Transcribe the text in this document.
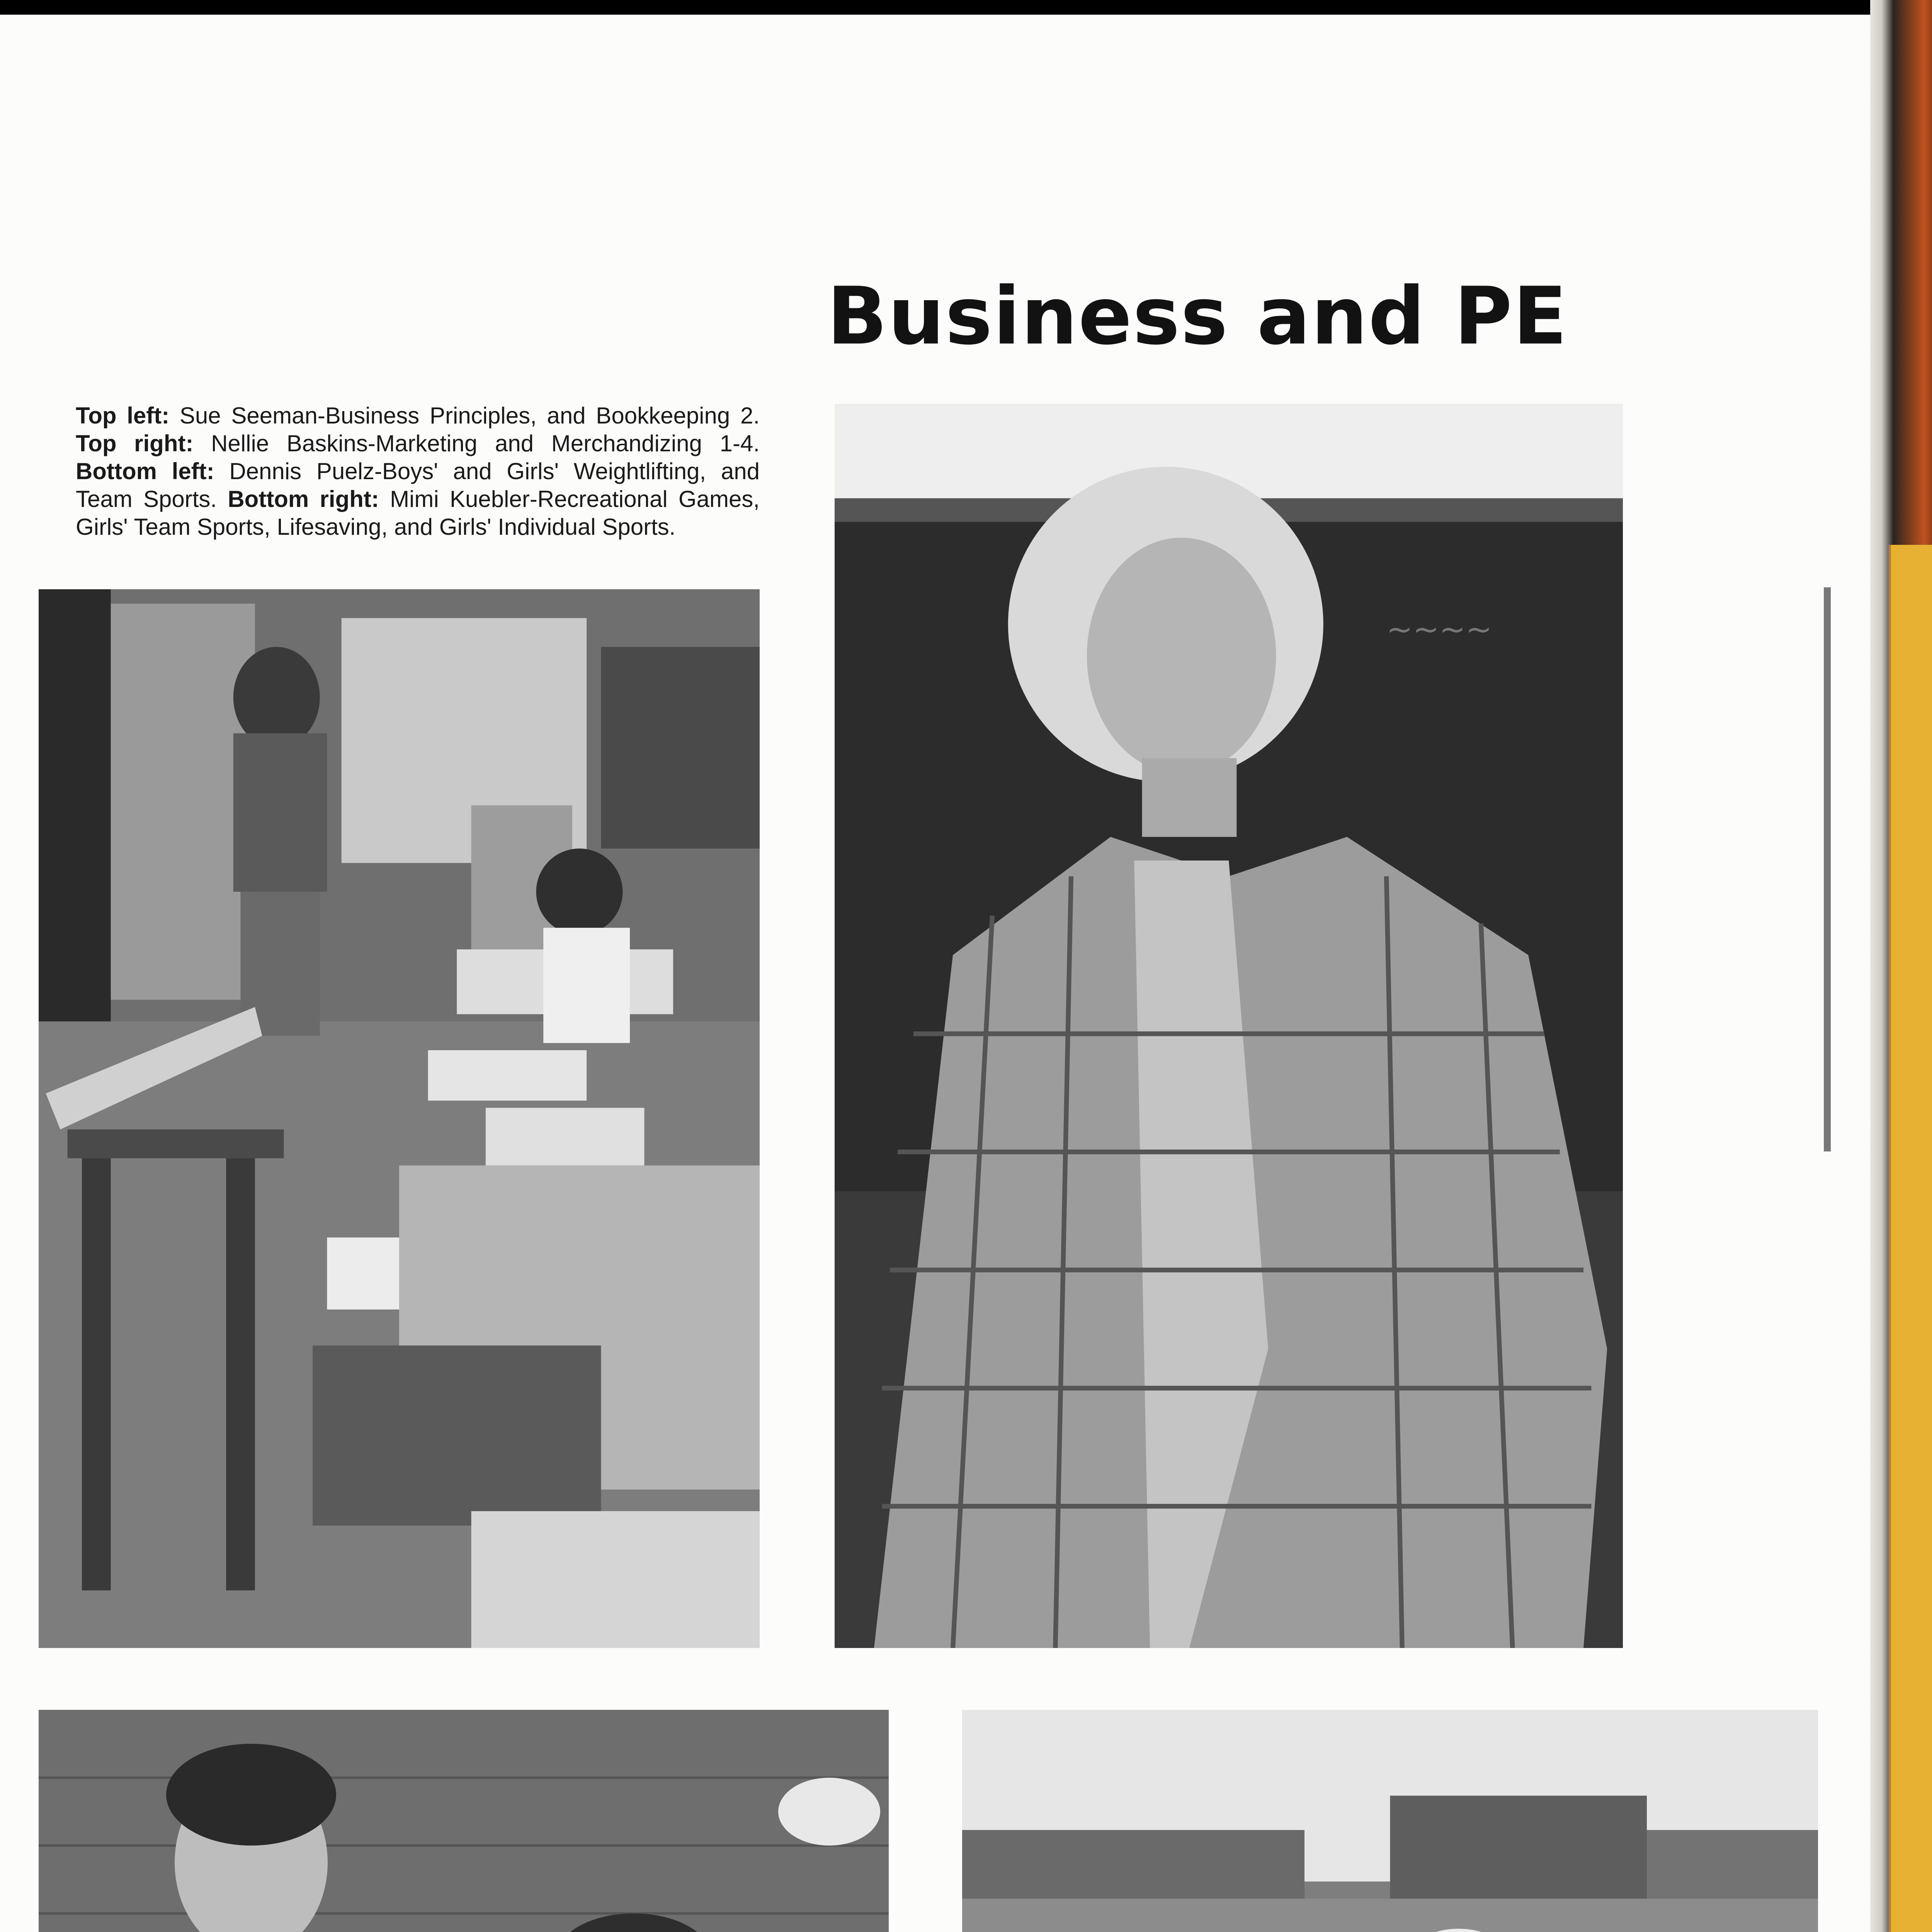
Business and PE

Top left: Sue Seeman-Business Principles, and Bookkeeping 2. Top right: Nellie Baskins-Marketing and Merchandizing 1-4. Bottom left: Dennis Puelz-Boys' and Girls' Weightlifting, and Team Sports. Bottom right: Mimi Kuebler-Recreational Games, Girls' Team Sports, Lifesaving, and Girls' Individual Sports.

~~~~
